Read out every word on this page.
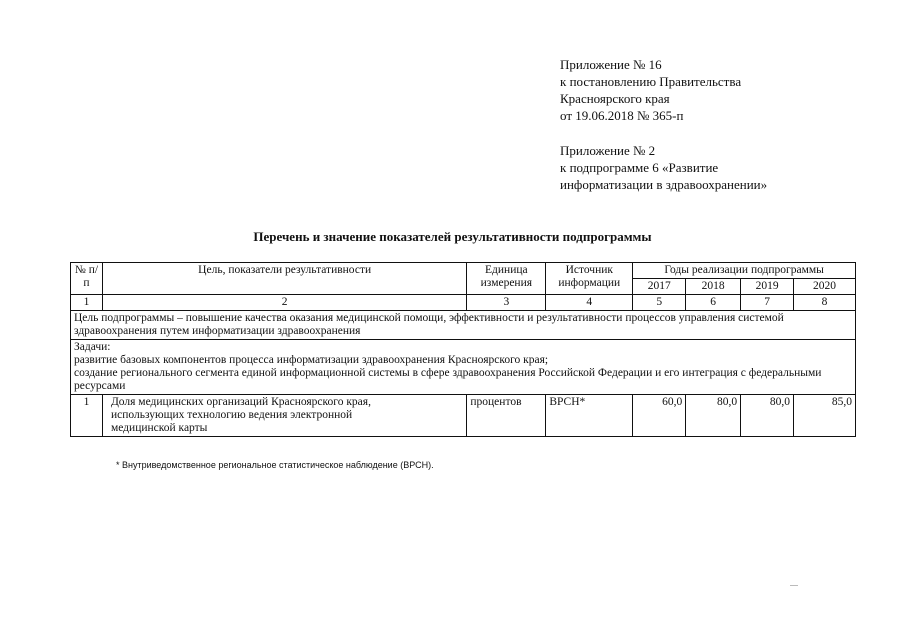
Приложение № 16
к постановлению Правительства
Красноярского края
от 19.06.2018 № 365-п
Приложение № 2
к подпрограмме 6 «Развитие
информатизации в здравоохранении»
Перечень и значение показателей результативности подпрограммы
№ п/п	Цель, показатели результативности	Единица измерения	Источник информации	Годы реализации подпрограммы			
				2017	2018	2019	2020
1	2	3	4	5	6	7	8
Цель подпрограммы – повышение качества оказания медицинской помощи, эффективности и результативности процессов управления системой здравоохранения путем информатизации здравоохранения							

Задачи:
развитие базовых компонентов процесса информатизации здравоохранения Красноярского края;
создание регионального сегмента единой информационной системы в сфере здравоохранения Российской Федерации и его интеграция с федеральными ресурсами							

1	Доля медицинских организаций Красноярского края, использующих технологию ведения электронной медицинской карты	процентов	ВРСН*	60,0	80,0	80,0	85,0
* Внутриведомственное региональное статистическое наблюдение (ВРСН).
